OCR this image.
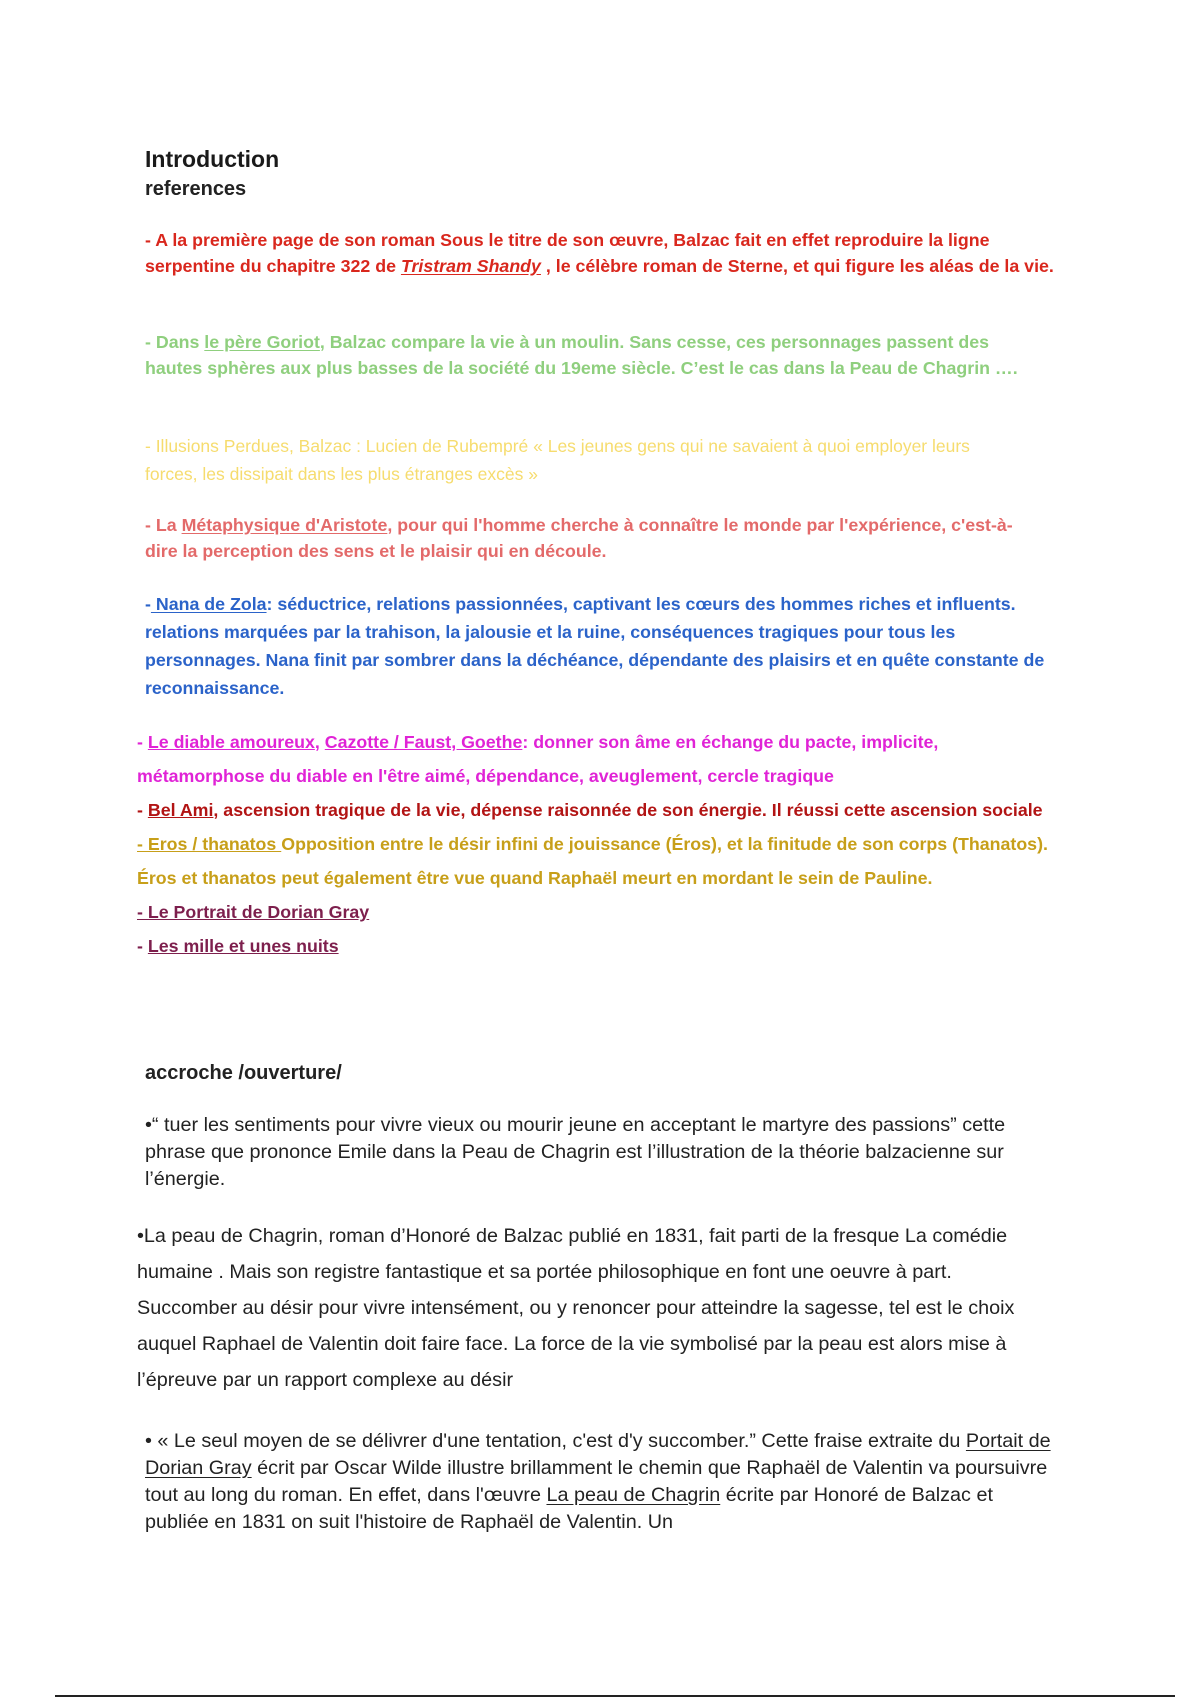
Introduction
references
- A la première page de son roman Sous le titre de son œuvre, Balzac fait en effet reproduire la ligne serpentine du chapitre 322 de Tristram Shandy , le célèbre roman de Sterne, et qui figure les aléas de la vie.
- Dans le père Goriot, Balzac compare la vie à un moulin. Sans cesse, ces personnages passent des hautes sphères aux plus basses de la société du 19eme siècle. C’est le cas dans la Peau de Chagrin ….
- Illusions Perdues, Balzac : Lucien de Rubempré « Les jeunes gens qui ne savaient à quoi employer leurs forces, les dissipait dans les plus étranges excès »
- La Métaphysique d'Aristote, pour qui l'homme cherche à connaître le monde par l'expérience, c'est-à-dire la perception des sens et le plaisir qui en découle.
- Nana de Zola: séductrice, relations passionnées, captivant les cœurs des hommes riches et influents. relations marquées par la trahison, la jalousie et la ruine, conséquences tragiques pour tous les personnages. Nana finit par sombrer dans la déchéance, dépendante des plaisirs et en quête constante de reconnaissance.
- Le diable amoureux, Cazotte / Faust, Goethe: donner son âme en échange du pacte, implicite, métamorphose du diable en l'être aimé, dépendance, aveuglement, cercle tragique
- Bel Ami, ascension tragique de la vie, dépense raisonnée de son énergie. Il réussi cette ascension sociale
- Eros / thanatos Opposition entre le désir infini de jouissance (Éros), et la finitude de son corps (Thanatos). Éros et thanatos peut également être vue quand Raphaël meurt en mordant le sein de Pauline.
- Le Portrait de Dorian Gray
- Les mille et unes nuits
accroche /ouverture/
•“ tuer les sentiments pour vivre vieux ou mourir jeune en acceptant le martyre des passions” cette phrase que prononce Emile dans la Peau de Chagrin est l’illustration de la théorie balzacienne sur l’énergie.
•La peau de Chagrin, roman d’Honoré de Balzac publié en 1831, fait parti de la fresque La comédie humaine . Mais son registre fantastique et sa portée philosophique en font une oeuvre à part. Succomber au désir pour vivre intensément, ou y renoncer pour atteindre la sagesse, tel est le choix auquel Raphael de Valentin doit faire face. La force de la vie symbolisé par la peau est alors mise à l’épreuve par un rapport complexe au désir
• « Le seul moyen de se délivrer d'une tentation, c'est d'y succomber.” Cette fraise extraite du Portait de Dorian Gray écrit par Oscar Wilde illustre brillamment le chemin que Raphaël de Valentin va poursuivre tout au long du roman. En effet, dans l'œuvre La peau de Chagrin écrite par Honoré de Balzac et publiée en 1831 on suit l'histoire de Raphaël de Valentin. Un
